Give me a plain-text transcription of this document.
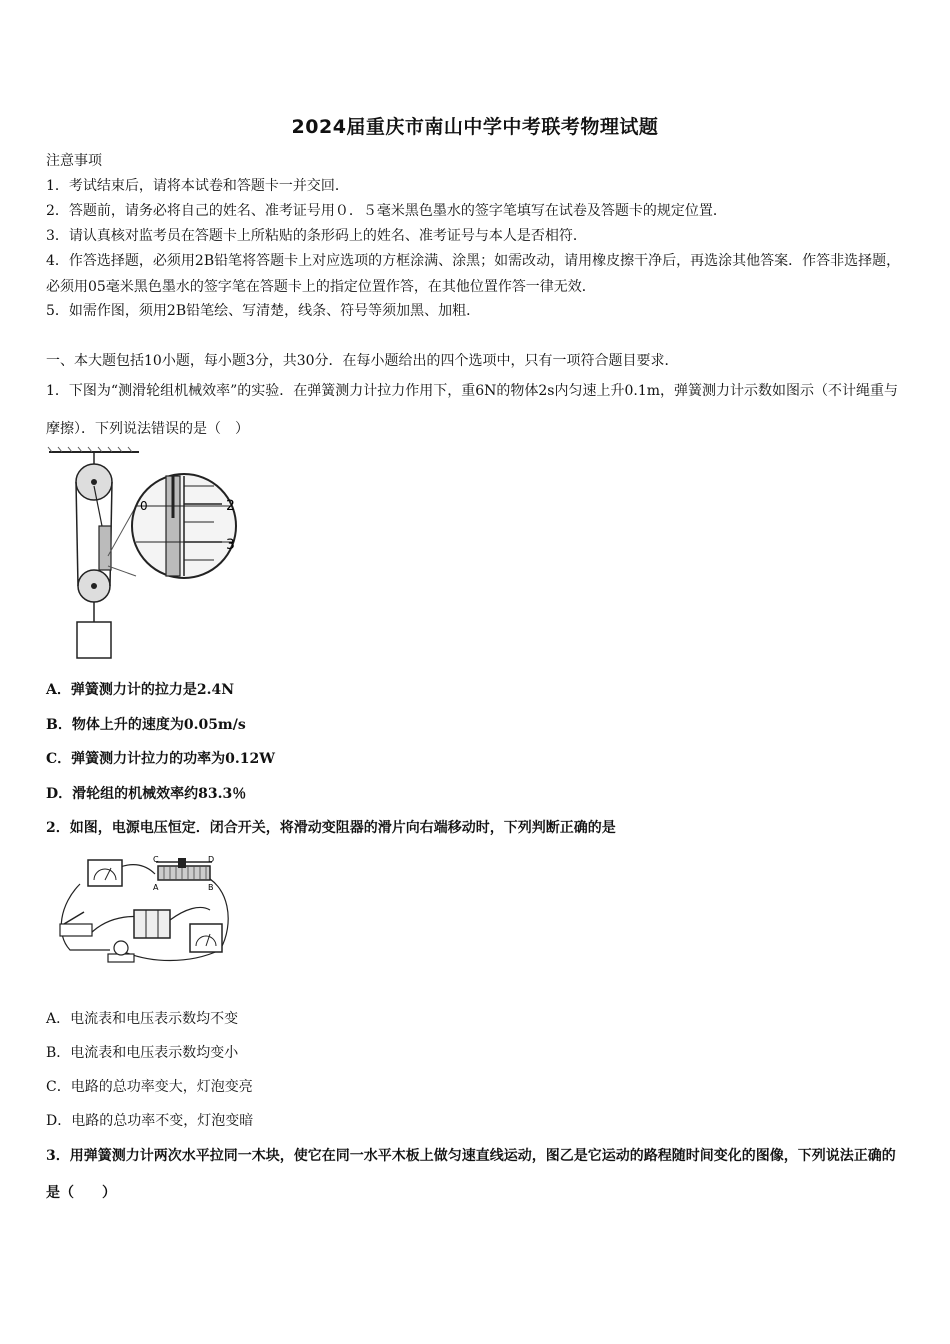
2024届重庆市南山中学中考联考物理试题
注意事项
1．考试结束后，请将本试卷和答题卡一并交回．
2．答题前，请务必将自己的姓名、准考证号用０．５毫米黑色墨水的签字笔填写在试卷及答题卡的规定位置．
3．请认真核对监考员在答题卡上所粘贴的条形码上的姓名、准考证号与本人是否相符．
4．作答选择题，必须用2B铅笔将答题卡上对应选项的方框涂满、涂黑；如需改动，请用橡皮擦干净后，再选涂其他答案．作答非选择题，必须用05毫米黑色墨水的签字笔在答题卡上的指定位置作答，在其他位置作答一律无效．
5．如需作图，须用2B铅笔绘、写清楚，线条、符号等须加黑、加粗．
一、本大题包括10小题，每小题3分，共30分．在每小题给出的四个选项中，只有一项符合题目要求．
1．下图为“测滑轮组机械效率”的实验．在弹簧测力计拉力作用下，重6N的物体2s内匀速上升0.1m，弹簧测力计示数如图示（不计绳重与摩擦）．下列说法错误的是（　）
2
3
0
A．弹簧测力计的拉力是2.4N
B．物体上升的速度为0.05m/s
C．弹簧测力计拉力的功率为0.12W
D．滑轮组的机械效率约83.3％
2．如图，电源电压恒定．闭合开关，将滑动变阻器的滑片向右端移动时，下列判断正确的是
C	D
A	B
A．电流表和电压表示数均不变
B．电流表和电压表示数均变小
C．电路的总功率变大，灯泡变亮
D．电路的总功率不变，灯泡变暗
3．用弹簧测力计两次水平拉同一木块，使它在同一水平木板上做匀速直线运动，图乙是它运动的路程随时间变化的图像，下列说法正确的是（　　）
